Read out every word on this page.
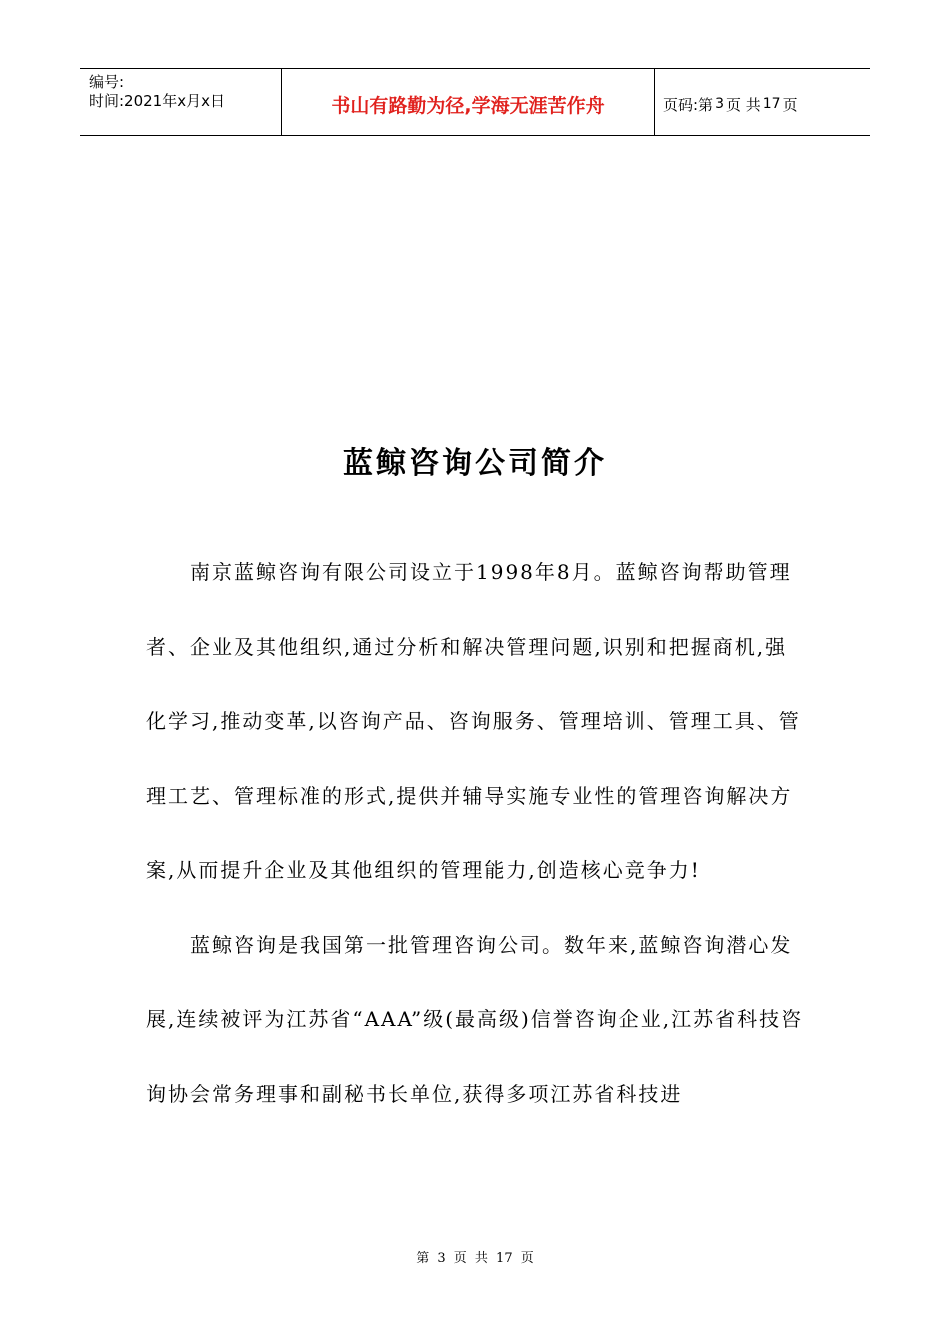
编号:
时间:2021年x月x日	书山有路勤为径,学海无涯苦作舟	页码:第 3 页 共 17 页
蓝鲸咨询公司简介

南京蓝鲸咨询有限公司设立于1998年8月。蓝鲸咨询帮助管理者、企业及其他组织,通过分析和解决管理问题,识别和把握商机,强化学习,推动变革,以咨询产品、咨询服务、管理培训、管理工具、管理工艺、管理标准的形式,提供并辅导实施专业性的管理咨询解决方案,从而提升企业及其他组织的管理能力,创造核心竞争力!

蓝鲸咨询是我国第一批管理咨询公司。数年来,蓝鲸咨询潜心发展,连续被评为江苏省“AAA”级(最高级)信誉咨询企业,江苏省科技咨询协会常务理事和副秘书长单位,获得多项江苏省科技进

第 3 页 共 17 页
